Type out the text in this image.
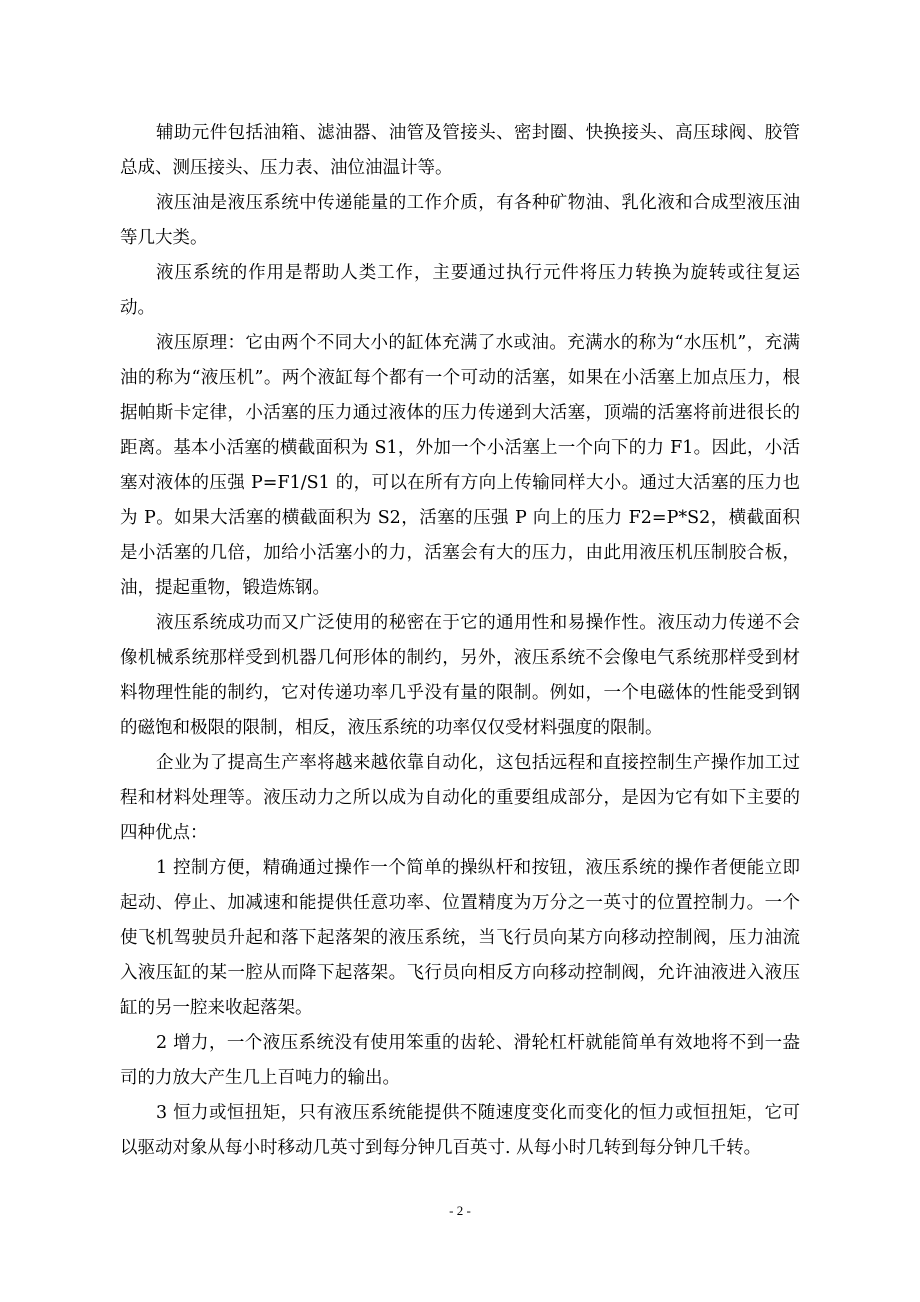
辅助元件包括油箱、滤油器、油管及管接头、密封圈、快换接头、高压球阀、胶管总成、测压接头、压力表、油位油温计等。

液压油是液压系统中传递能量的工作介质，有各种矿物油、乳化液和合成型液压油等几大类。

液压系统的作用是帮助人类工作，主要通过执行元件将压力转换为旋转或往复运动。

液压原理：它由两个不同大小的缸体充满了水或油。充满水的称为“水压机”，充满油的称为“液压机”。两个液缸每个都有一个可动的活塞，如果在小活塞上加点压力，根据帕斯卡定律，小活塞的压力通过液体的压力传递到大活塞，顶端的活塞将前进很长的距离。基本小活塞的横截面积为 S1，外加一个小活塞上一个向下的力 F1。因此，小活塞对液体的压强 P=F1/S1 的，可以在所有方向上传输同样大小。通过大活塞的压力也为 P。如果大活塞的横截面积为 S2，活塞的压强 P 向上的压力 F2=P*S2，横截面积是小活塞的几倍，加给小活塞小的力，活塞会有大的压力，由此用液压机压制胶合板，油，提起重物，锻造炼钢。

液压系统成功而又广泛使用的秘密在于它的通用性和易操作性。液压动力传递不会像机械系统那样受到机器几何形体的制约，另外，液压系统不会像电气系统那样受到材料物理性能的制约，它对传递功率几乎没有量的限制。例如，一个电磁体的性能受到钢的磁饱和极限的限制，相反，液压系统的功率仅仅受材料强度的限制。

企业为了提高生产率将越来越依靠自动化，这包括远程和直接控制生产操作加工过程和材料处理等。液压动力之所以成为自动化的重要组成部分，是因为它有如下主要的四种优点：

1 控制方便，精确通过操作一个简单的操纵杆和按钮，液压系统的操作者便能立即起动、停止、加减速和能提供任意功率、位置精度为万分之一英寸的位置控制力。一个使飞机驾驶员升起和落下起落架的液压系统，当飞行员向某方向移动控制阀，压力油流入液压缸的某一腔从而降下起落架。飞行员向相反方向移动控制阀，允许油液进入液压缸的另一腔来收起落架。

2 增力，一个液压系统没有使用笨重的齿轮、滑轮杠杆就能简单有效地将不到一盎司的力放大产生几上百吨力的输出。

3 恒力或恒扭矩，只有液压系统能提供不随速度变化而变化的恒力或恒扭矩，它可以驱动对象从每小时移动几英寸到每分钟几百英寸. 从每小时几转到每分钟几千转。

- 2 -
